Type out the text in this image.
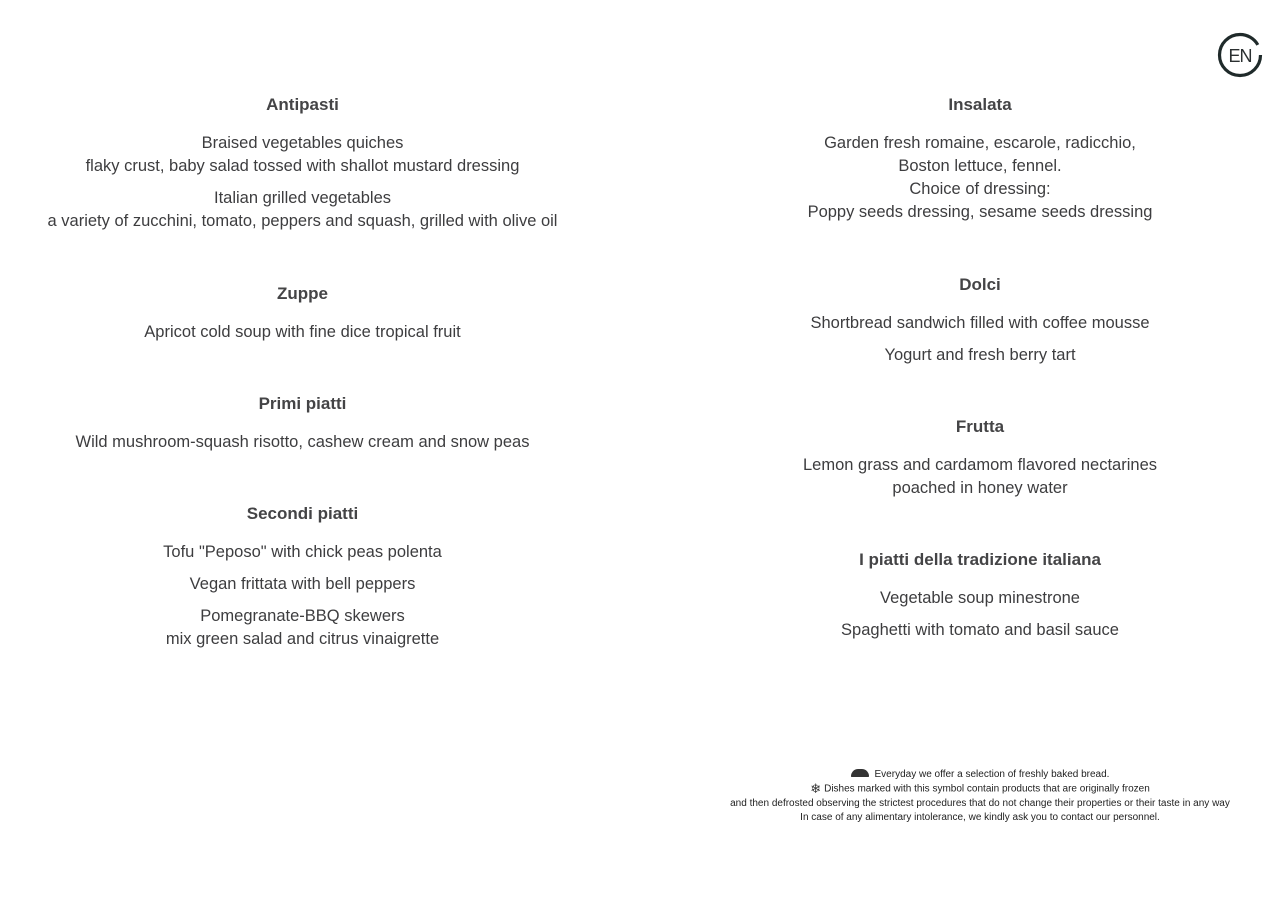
EN
Antipasti
Braised vegetables quiches
flaky crust, baby salad tossed with shallot mustard dressing
Italian grilled vegetables
a variety of zucchini, tomato, peppers and squash, grilled with olive oil
Zuppe
Apricot cold soup with fine dice tropical fruit
Primi piatti
Wild mushroom-squash risotto, cashew cream and snow peas
Secondi piatti
Tofu "Peposo" with chick peas polenta
Vegan frittata with bell peppers
Pomegranate-BBQ skewers
mix green salad and citrus vinaigrette
Insalata
Garden fresh romaine, escarole, radicchio,
Boston lettuce, fennel.
Choice of dressing:
Poppy seeds dressing, sesame seeds dressing
Dolci
Shortbread sandwich filled with coffee mousse
Yogurt and fresh berry tart
Frutta
Lemon grass and cardamom flavored nectarines
poached in honey water
I piatti della tradizione italiana
Vegetable soup minestrone
Spaghetti with tomato and basil sauce
Everyday we offer a selection of freshly baked bread.
❄ Dishes marked with this symbol contain products that are originally frozen
and then defrosted observing the strictest procedures that do not change their properties or their taste in any way
In case of any alimentary intolerance, we kindly ask you to contact our personnel.
